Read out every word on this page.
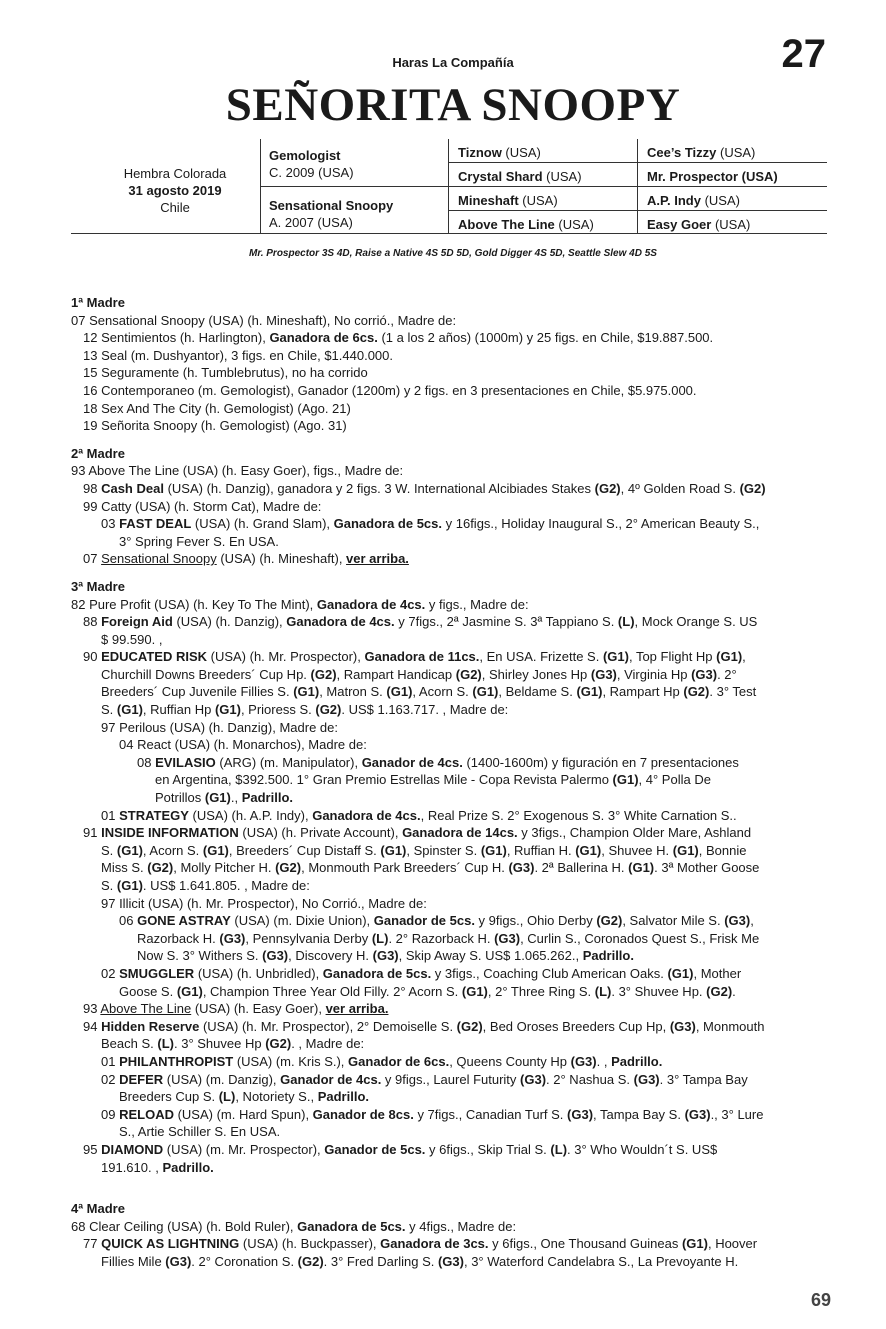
Haras La Compañía	27
SEÑORITA SNOOPY
Hembra Colorada
31 agosto 2019
Chile
Gemologist
C. 2009 (USA)
Sensational Snoopy
A. 2007 (USA)
Tiznow (USA)
Crystal Shard (USA)
Mineshaft (USA)
Above The Line (USA)
Cee’s Tizzy (USA)
Mr. Prospector (USA)
A.P. Indy (USA)
Easy Goer (USA)
Mr. Prospector 3S 4D, Raise a Native 4S 5D 5D, Gold Digger 4S 5D, Seattle Slew 4D 5S
1ª Madre
07 Sensational Snoopy (USA) (h. Mineshaft), No corrió., Madre de:
12 Sentimientos (h. Harlington), Ganadora de 6cs. (1 a los 2 años) (1000m) y 25 figs. en Chile, $19.887.500.
13 Seal (m. Dushyantor), 3 figs. en Chile, $1.440.000.
15 Seguramente (h. Tumblebrutus), no ha corrido
16 Contemporaneo (m. Gemologist), Ganador (1200m) y 2 figs. en 3 presentaciones en Chile, $5.975.000.
18 Sex And The City (h. Gemologist) (Ago. 21)
19 Señorita Snoopy (h. Gemologist) (Ago. 31)
2ª Madre
93 Above The Line (USA) (h. Easy Goer), figs., Madre de:
98 Cash Deal (USA) (h. Danzig), ganadora y 2 figs. 3 W. International Alcibiades Stakes (G2), 4º Golden Road S. (G2)
99 Catty (USA) (h. Storm Cat), Madre de:
03 FAST DEAL (USA) (h. Grand Slam), Ganadora de 5cs. y 16figs., Holiday Inaugural S., 2° American Beauty S.,
3° Spring Fever S. En USA.
07 Sensational Snoopy (USA) (h. Mineshaft), ver arriba.
3ª Madre
82 Pure Profit (USA) (h. Key To The Mint), Ganadora de 4cs. y figs., Madre de:
88 Foreign Aid (USA) (h. Danzig), Ganadora de 4cs. y 7figs., 2ª Jasmine S. 3ª Tappiano S. (L), Mock Orange S. US
$ 99.590. ,
90 EDUCATED RISK (USA) (h. Mr. Prospector), Ganadora de 11cs., En USA. Frizette S. (G1), Top Flight Hp (G1),
Churchill Downs Breeders´ Cup Hp. (G2), Rampart Handicap (G2), Shirley Jones Hp (G3), Virginia Hp (G3). 2°
Breeders´ Cup Juvenile Fillies S. (G1), Matron S. (G1), Acorn S. (G1), Beldame S. (G1), Rampart Hp (G2). 3° Test
S. (G1), Ruffian Hp (G1), Prioress S. (G2). US$ 1.163.717. , Madre de:
97 Perilous (USA) (h. Danzig), Madre de:
04 React (USA) (h. Monarchos), Madre de:
08 EVILASIO (ARG) (m. Manipulator), Ganador de 4cs. (1400-1600m) y figuración en 7 presentaciones
en Argentina, $392.500. 1° Gran Premio Estrellas Mile - Copa Revista Palermo (G1), 4° Polla De
Potrillos (G1)., Padrillo.
01 STRATEGY (USA) (h. A.P. Indy), Ganadora de 4cs., Real Prize S. 2° Exogenous S. 3° White Carnation S..
91 INSIDE INFORMATION (USA) (h. Private Account), Ganadora de 14cs. y 3figs., Champion Older Mare, Ashland
S. (G1), Acorn S. (G1), Breeders´ Cup Distaff S. (G1), Spinster S. (G1), Ruffian H. (G1), Shuvee H. (G1), Bonnie
Miss S. (G2), Molly Pitcher H. (G2), Monmouth Park Breeders´ Cup H. (G3). 2ª Ballerina H. (G1). 3ª Mother Goose
S. (G1). US$ 1.641.805. , Madre de:
97 Illicit (USA) (h. Mr. Prospector), No Corrió., Madre de:
06 GONE ASTRAY (USA) (m. Dixie Union), Ganador de 5cs. y 9figs., Ohio Derby (G2), Salvator Mile S. (G3),
Razorback H. (G3), Pennsylvania Derby (L). 2° Razorback H. (G3), Curlin S., Coronados Quest S., Frisk Me
Now S. 3° Withers S. (G3), Discovery H. (G3), Skip Away S. US$ 1.065.262., Padrillo.
02 SMUGGLER (USA) (h. Unbridled), Ganadora de 5cs. y 3figs., Coaching Club American Oaks. (G1), Mother
Goose S. (G1), Champion Three Year Old Filly. 2° Acorn S. (G1), 2° Three Ring S. (L). 3° Shuvee Hp. (G2).
93 Above The Line (USA) (h. Easy Goer), ver arriba.
94 Hidden Reserve (USA) (h. Mr. Prospector), 2° Demoiselle S. (G2), Bed Oroses Breeders Cup Hp, (G3), Monmouth
Beach S. (L). 3° Shuvee Hp (G2). , Madre de:
01 PHILANTHROPIST (USA) (m. Kris S.), Ganador de 6cs., Queens County Hp (G3). , Padrillo.
02 DEFER (USA) (m. Danzig), Ganador de 4cs. y 9figs., Laurel Futurity (G3). 2° Nashua S. (G3). 3° Tampa Bay
Breeders Cup S. (L), Notoriety S., Padrillo.
09 RELOAD (USA) (m. Hard Spun), Ganador de 8cs. y 7figs., Canadian Turf S. (G3), Tampa Bay S. (G3)., 3° Lure
S., Artie Schiller S. En USA.
95 DIAMOND (USA) (m. Mr. Prospector), Ganador de 5cs. y 6figs., Skip Trial S. (L). 3° Who Wouldn´t S. US$
191.610. , Padrillo.
4ª Madre
68 Clear Ceiling (USA) (h. Bold Ruler), Ganadora de 5cs. y 4figs., Madre de:
77 QUICK AS LIGHTNING (USA) (h. Buckpasser), Ganadora de 3cs. y 6figs., One Thousand Guineas (G1), Hoover
Fillies Mile (G3). 2° Coronation S. (G2). 3° Fred Darling S. (G3), 3° Waterford Candelabra S., La Prevoyante H.
69
